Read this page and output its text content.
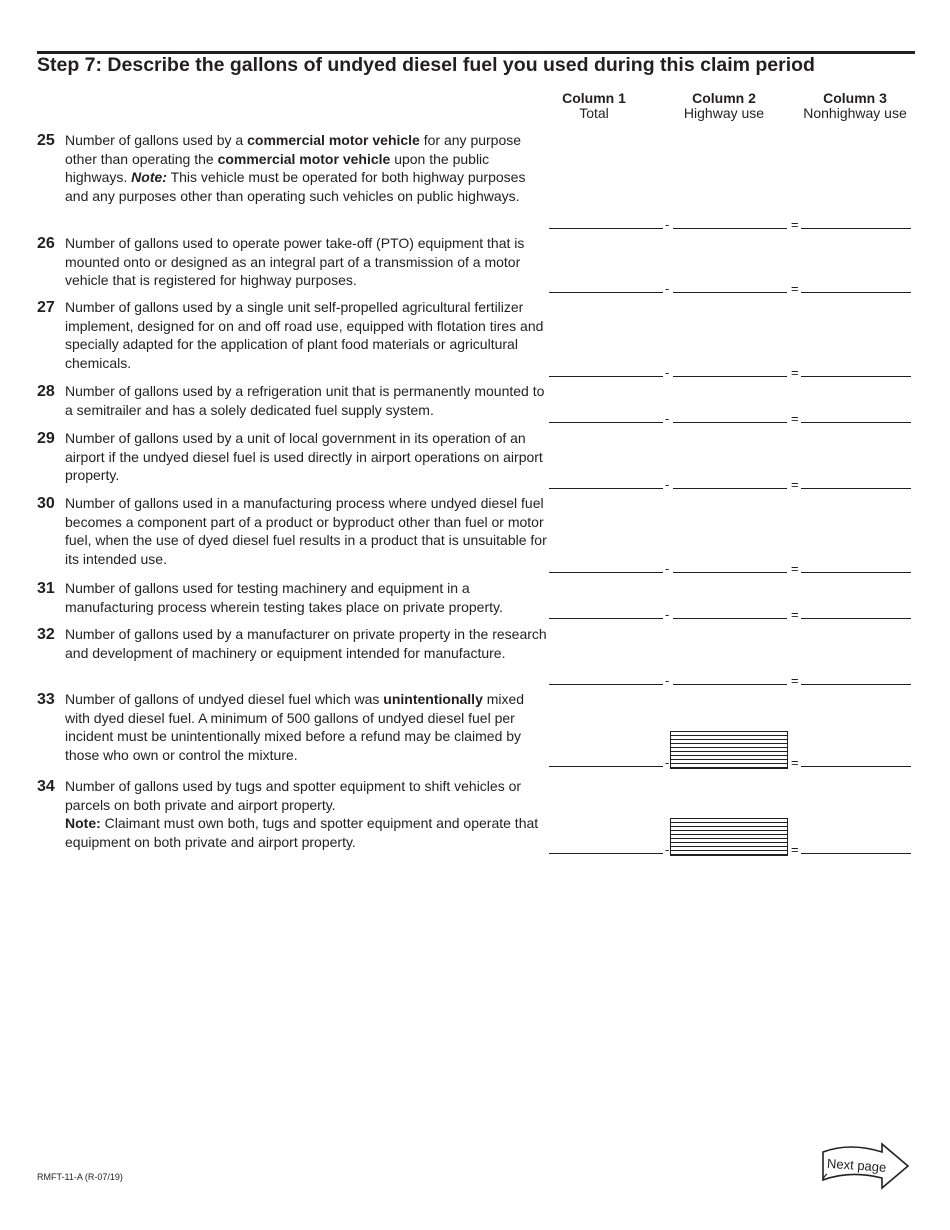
Step 7: Describe the gallons of undyed diesel fuel you used during this claim period
Column 1
Total
Column 2
Highway use
Column 3
Nonhighway use
25 Number of gallons used by a commercial motor vehicle for any purpose other than operating the commercial motor vehicle upon the public highways. Note: This vehicle must be operated for both highway purposes and any purposes other than operating such vehicles on public highways.
-	=
26 Number of gallons used to operate power take-off (PTO) equipment that is mounted onto or designed as an integral part of a transmission of a motor vehicle that is registered for highway purposes.
-	=
27 Number of gallons used by a single unit self-propelled agricultural fertilizer implement, designed for on and off road use, equipped with flotation tires and specially adapted for the application of plant food materials or agricultural chemicals.
-	=
28 Number of gallons used by a refrigeration unit that is permanently mounted to a semitrailer and has a solely dedicated fuel supply system.
-	=
29 Number of gallons used by a unit of local government in its operation of an airport if the undyed diesel fuel is used directly in airport operations on airport property.
-	=
30 Number of gallons used in a manufacturing process where undyed diesel fuel becomes a component part of a product or byproduct other than fuel or motor fuel, when the use of dyed diesel fuel results in a product that is unsuitable for its intended use.
-	=
31 Number of gallons used for testing machinery and equipment in a manufacturing process wherein testing takes place on private property.	-	=
32 Number of gallons used by a manufacturer on private property in the research and development of machinery or equipment intended for manufacture.
-	=
33 Number of gallons of undyed diesel fuel which was unintentionally mixed with dyed diesel fuel. A minimum of 500 gallons of undyed diesel fuel per incident must be unintentionally mixed before a refund may be claimed by those who own or control the mixture.	-	=
34 Number of gallons used by tugs and spotter equipment to shift vehicles or parcels on both private and airport property.
Note: Claimant must own both, tugs and spotter equipment and operate that equipment on both private and airport property.	-	=
RMFT-11-A (R-07/19)
Next page
